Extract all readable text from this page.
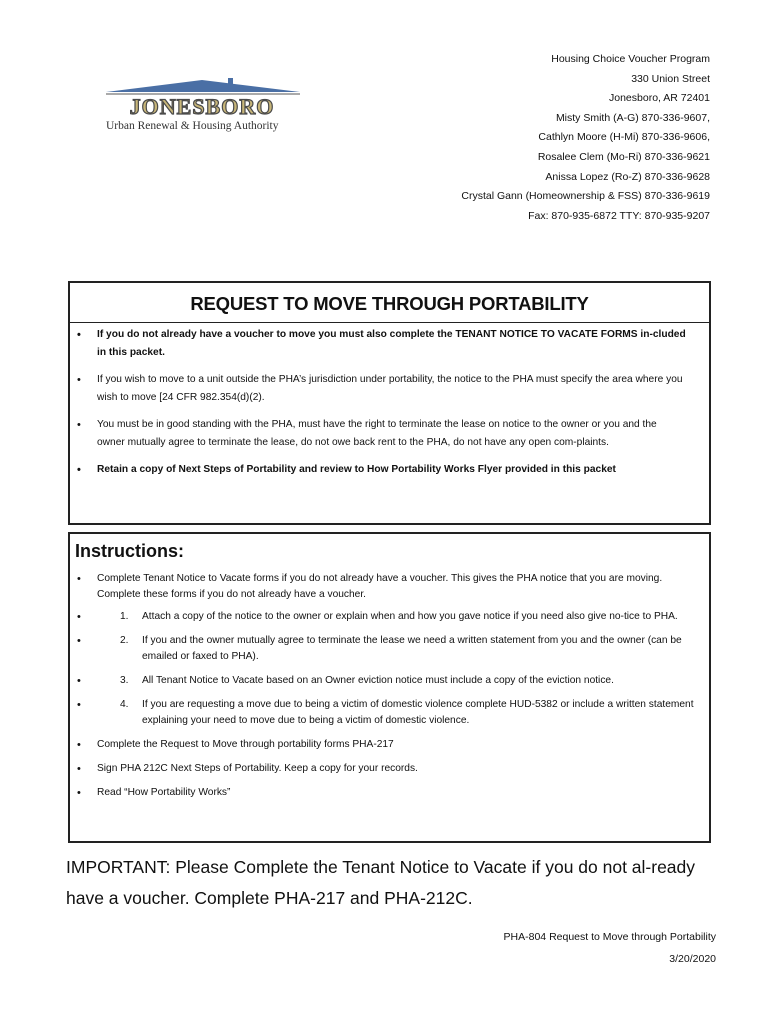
JONESBORO
Urban Renewal & Housing Authority
Housing Choice Voucher Program
330 Union Street
Jonesboro, AR 72401
Misty Smith (A-G) 870-336-9607,
Cathlyn Moore (H-Mi) 870-336-9606,
Rosalee Clem (Mo-Ri) 870-336-9621
Anissa Lopez (Ro-Z) 870-336-9628
Crystal Gann (Homeownership & FSS) 870-336-9619
Fax: 870-935-6872 TTY: 870-935-9207
REQUEST TO MOVE THROUGH PORTABILITY
• If you do not already have a voucher to move you must also complete the TENANT NOTICE TO VACATE FORMS in-cluded in this packet.
• If you wish to move to a unit outside the PHA’s jurisdiction under portability, the notice to the PHA must specify the area where you wish to move [24 CFR 982.354(d)(2).
• You must be in good standing with the PHA, must have the right to terminate the lease on notice to the owner or you and the owner mutually agree to terminate the lease, do not owe back rent to the PHA, do not have any open com-plaints.
• Retain a copy of Next Steps of Portability and review to How Portability Works Flyer provided in this packet
Instructions:
• Complete Tenant Notice to Vacate forms if you do not already have a voucher. This gives the PHA notice that you are moving. Complete these forms if you do not already have a voucher.
• 1. Attach a copy of the notice to the owner or explain when and how you gave notice if you need also give no-tice to PHA.
• 2. If you and the owner mutually agree to terminate the lease we need a written statement from you and the owner (can be emailed or faxed to PHA).
• 3. All Tenant Notice to Vacate based on an Owner eviction notice must include a copy of the eviction notice.
• 4. If you are requesting a move due to being a victim of domestic violence complete HUD-5382 or include a written statement explaining your need to move due to being a victim of domestic violence.
• Complete the Request to Move through portability forms PHA-217
• Sign PHA 212C Next Steps of Portability. Keep a copy for your records.
• Read “How Portability Works”
IMPORTANT: Please Complete the Tenant Notice to Vacate if you do not al-ready have a voucher. Complete PHA-217 and PHA-212C.
PHA-804 Request to Move through Portability
3/20/2020
